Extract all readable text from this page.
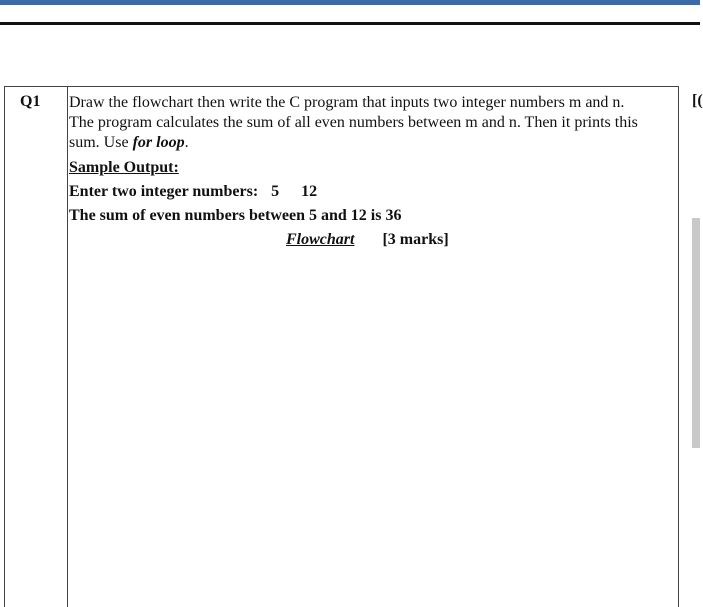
Q1 Draw the flowchart then write the C program that inputs two integer numbers m and n.
The program calculates the sum of all even numbers between m and n. Then it prints this
sum. Use for loop.
Sample Output:
Enter two integer numbers: 5 12
The sum of even numbers between 5 and 12 is 36
Flowchart [3 marks]
[(
